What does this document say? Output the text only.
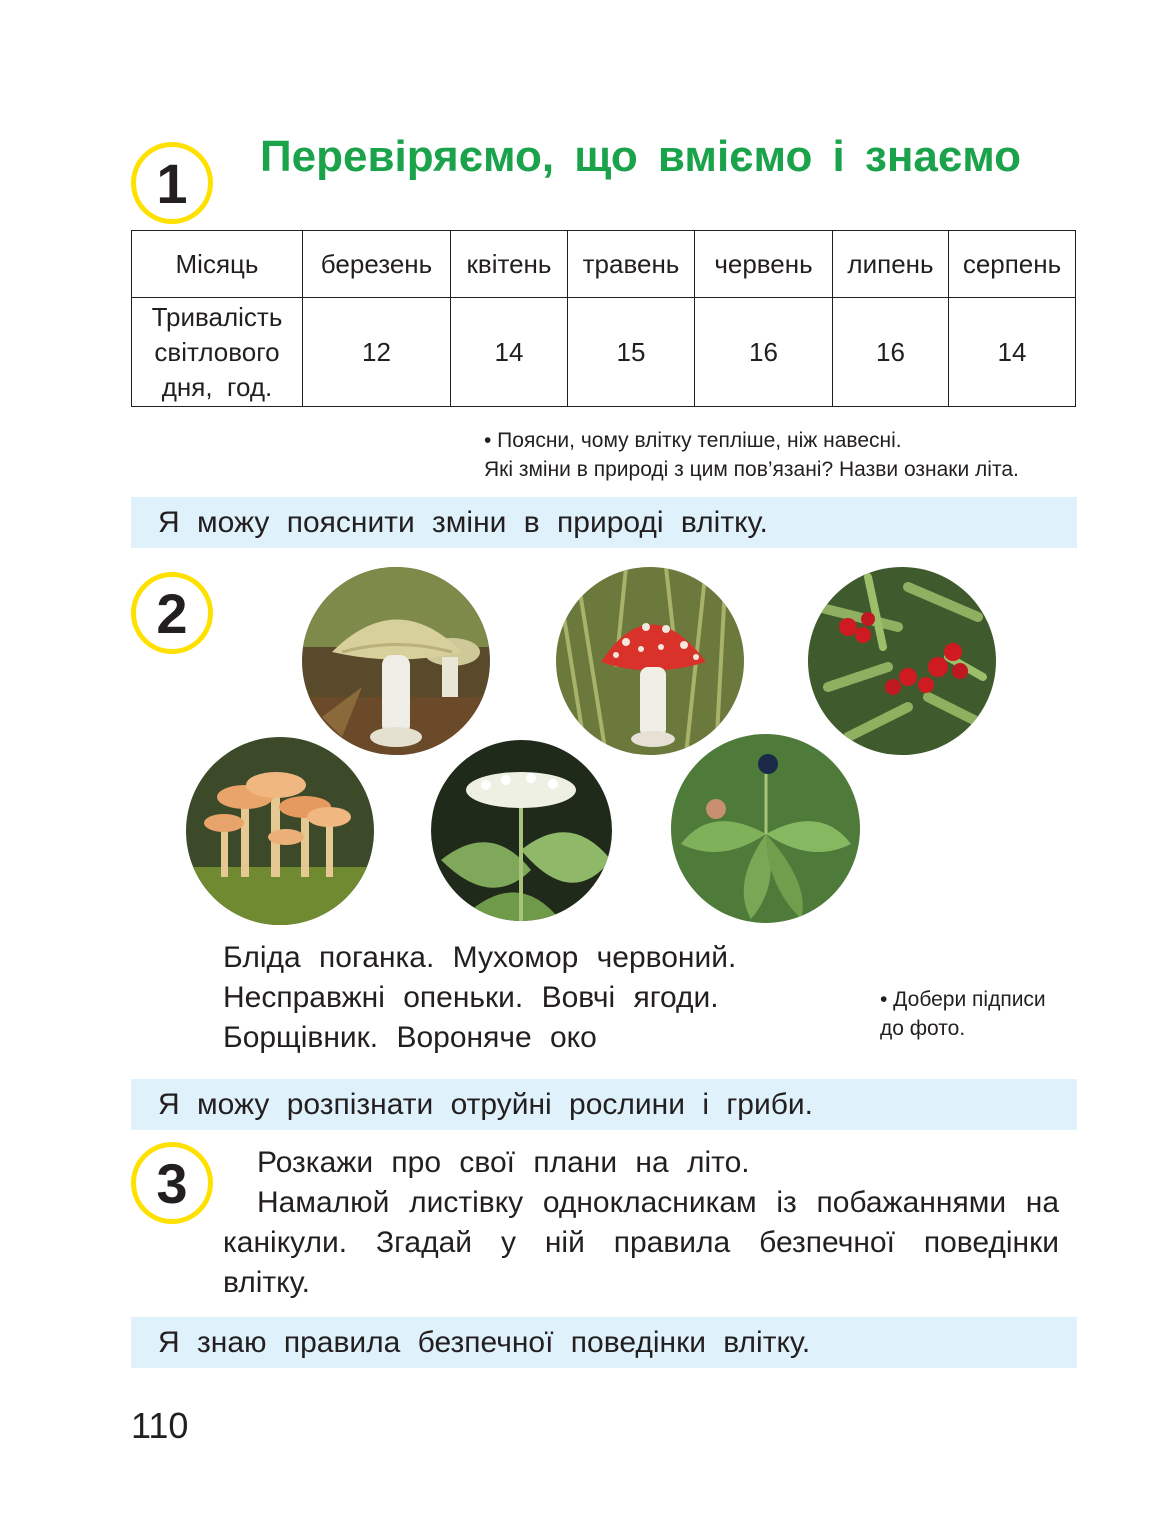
1	Перевіряємо, що вміємо і знаємо
Місяць	березень	квітень	травень	червень	липень	серпень
Тривалість
світлового
дня,  год.	12	14	15	16	16	14
• Поясни, чому влітку тепліше, ніж навесні.
Які зміни в природі з цим пов’язані? Назви ознаки літа.
Я можу пояснити зміни в природі влітку.
2
Бліда поганка. Мухомор червоний.
Несправжні опеньки. Вовчі ягоди.
Борщівник. Вороняче око
• Добери підписи
до фото.
Я можу розпізнати отруйні рослини і гриби.
3	Розкажи про свої плани на літо.

Намалюй листівку однокласникам із побажаннями на канікули. Згадай у ній правила безпечної поведінки влітку.

Я знаю правила безпечної поведінки влітку.
110
